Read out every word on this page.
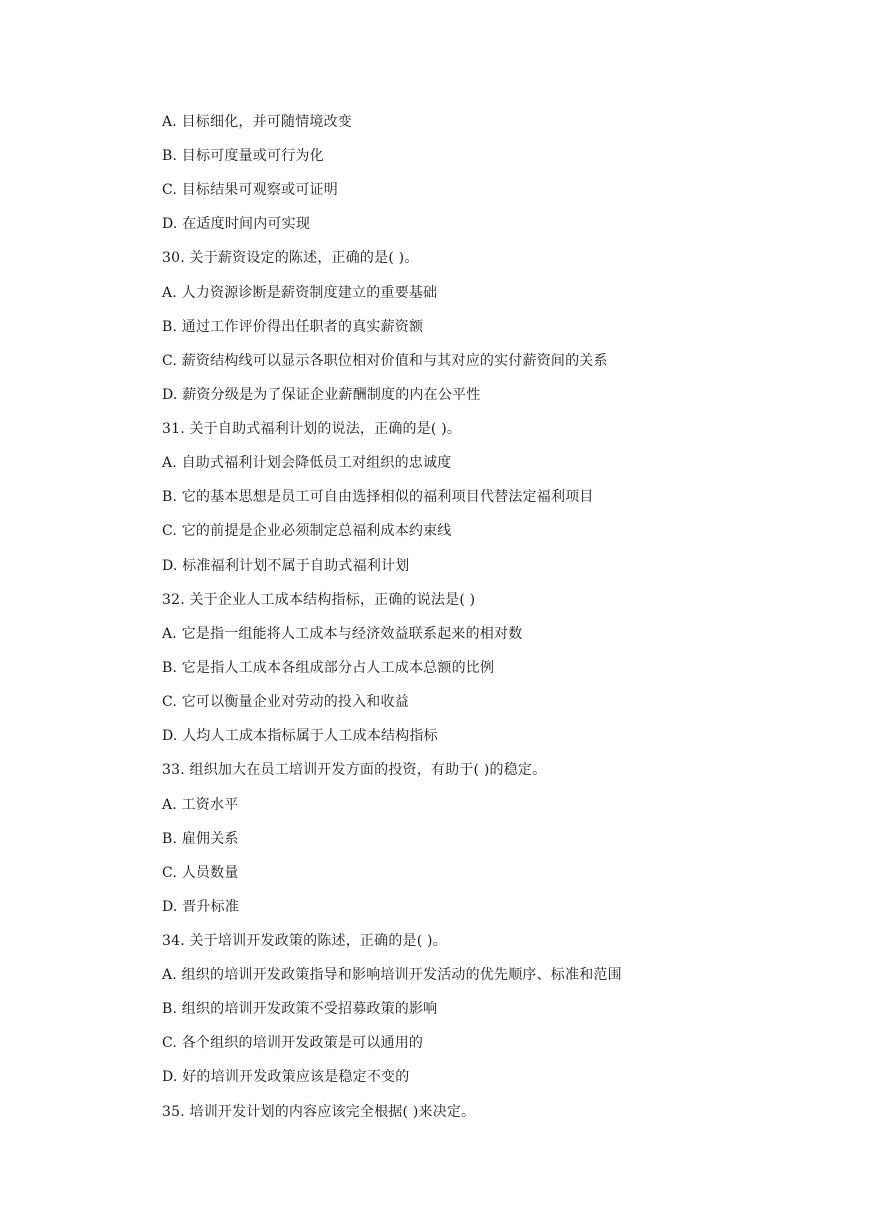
A. 目标细化，并可随情境改变
B. 目标可度量或可行为化
C. 目标结果可观察或可证明
D. 在适度时间内可实现
30. 关于薪资设定的陈述，正确的是( )。
A. 人力资源诊断是薪资制度建立的重要基础
B. 通过工作评价得出任职者的真实薪资额
C. 薪资结构线可以显示各职位相对价值和与其对应的实付薪资间的关系
D. 薪资分级是为了保证企业薪酬制度的内在公平性
31. 关于自助式福利计划的说法，正确的是( )。
A. 自助式福利计划会降低员工对组织的忠诚度
B. 它的基本思想是员工可自由选择相似的福利项目代替法定福利项目
C. 它的前提是企业必须制定总福利成本约束线
D. 标准福利计划不属于自助式福利计划
32. 关于企业人工成本结构指标，正确的说法是( )
A. 它是指一组能将人工成本与经济效益联系起来的相对数
B. 它是指人工成本各组成部分占人工成本总额的比例
C. 它可以衡量企业对劳动的投入和收益
D. 人均人工成本指标属于人工成本结构指标
33. 组织加大在员工培训开发方面的投资，有助于( )的稳定。
A. 工资水平
B. 雇佣关系
C. 人员数量
D. 晋升标准
34. 关于培训开发政策的陈述，正确的是( )。
A. 组织的培训开发政策指导和影响培训开发活动的优先顺序、标准和范围
B. 组织的培训开发政策不受招募政策的影响
C. 各个组织的培训开发政策是可以通用的
D. 好的培训开发政策应该是稳定不变的
35. 培训开发计划的内容应该完全根据( )来决定。
